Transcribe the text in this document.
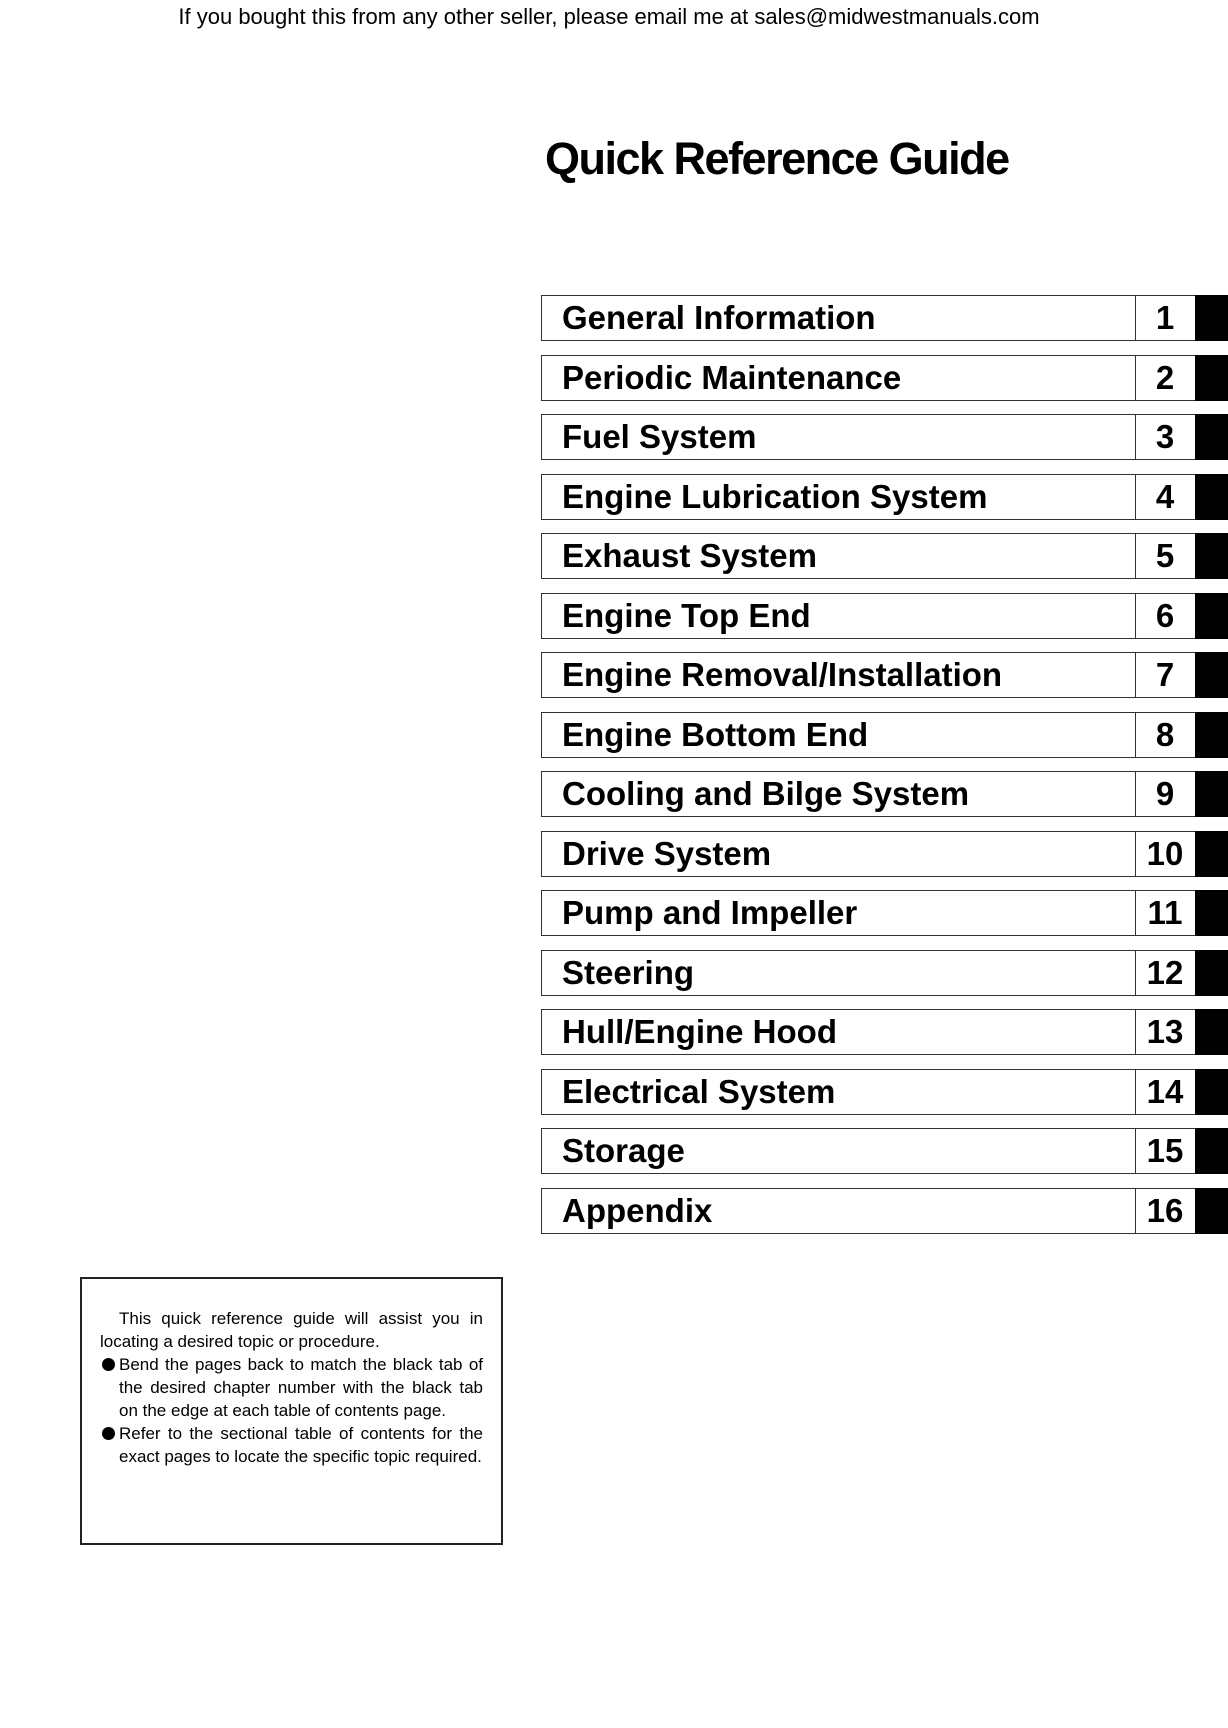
If you bought this from any other seller, please email me at sales@midwestmanuals.com
Quick Reference Guide
General Information	1
Periodic Maintenance	2
Fuel System	3
Engine Lubrication System	4
Exhaust System	5
Engine Top End	6
Engine Removal/Installation	7
Engine Bottom End	8
Cooling and Bilge System	9
Drive System	10
Pump and Impeller	11
Steering	12
Hull/Engine Hood	13
Electrical System	14
Storage	15
Appendix	16
This quick reference guide will assist you in locating a desired topic or procedure.
Bend the pages back to match the black tab of the desired chapter number with the black tab on the edge at each table of contents page.
Refer to the sectional table of contents for the exact pages to locate the specific topic required.
